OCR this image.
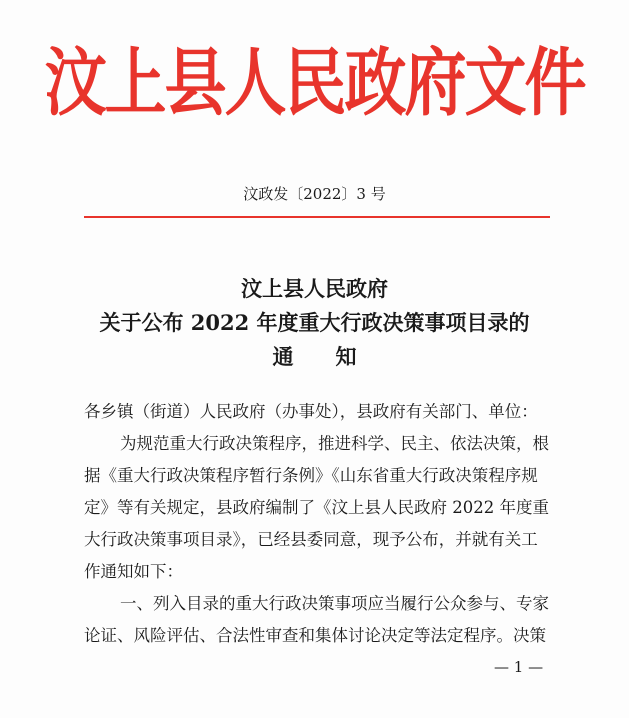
汶上县人民政府文件
汶政发〔2022〕3 号
汶上县人民政府
关于公布 2022 年度重大行政决策事项目录的
通知
各乡镇（街道）人民政府（办事处），县政府有关部门、单位：
为规范重大行政决策程序，推进科学、民主、依法决策，根
据《重大行政决策程序暂行条例》《山东省重大行政决策程序规
定》等有关规定，县政府编制了《汶上县人民政府 2022 年度重
大行政决策事项目录》，已经县委同意，现予公布，并就有关工
作通知如下：
一、列入目录的重大行政决策事项应当履行公众参与、专家
论证、风险评估、合法性审查和集体讨论决定等法定程序。决策
— 1 —
